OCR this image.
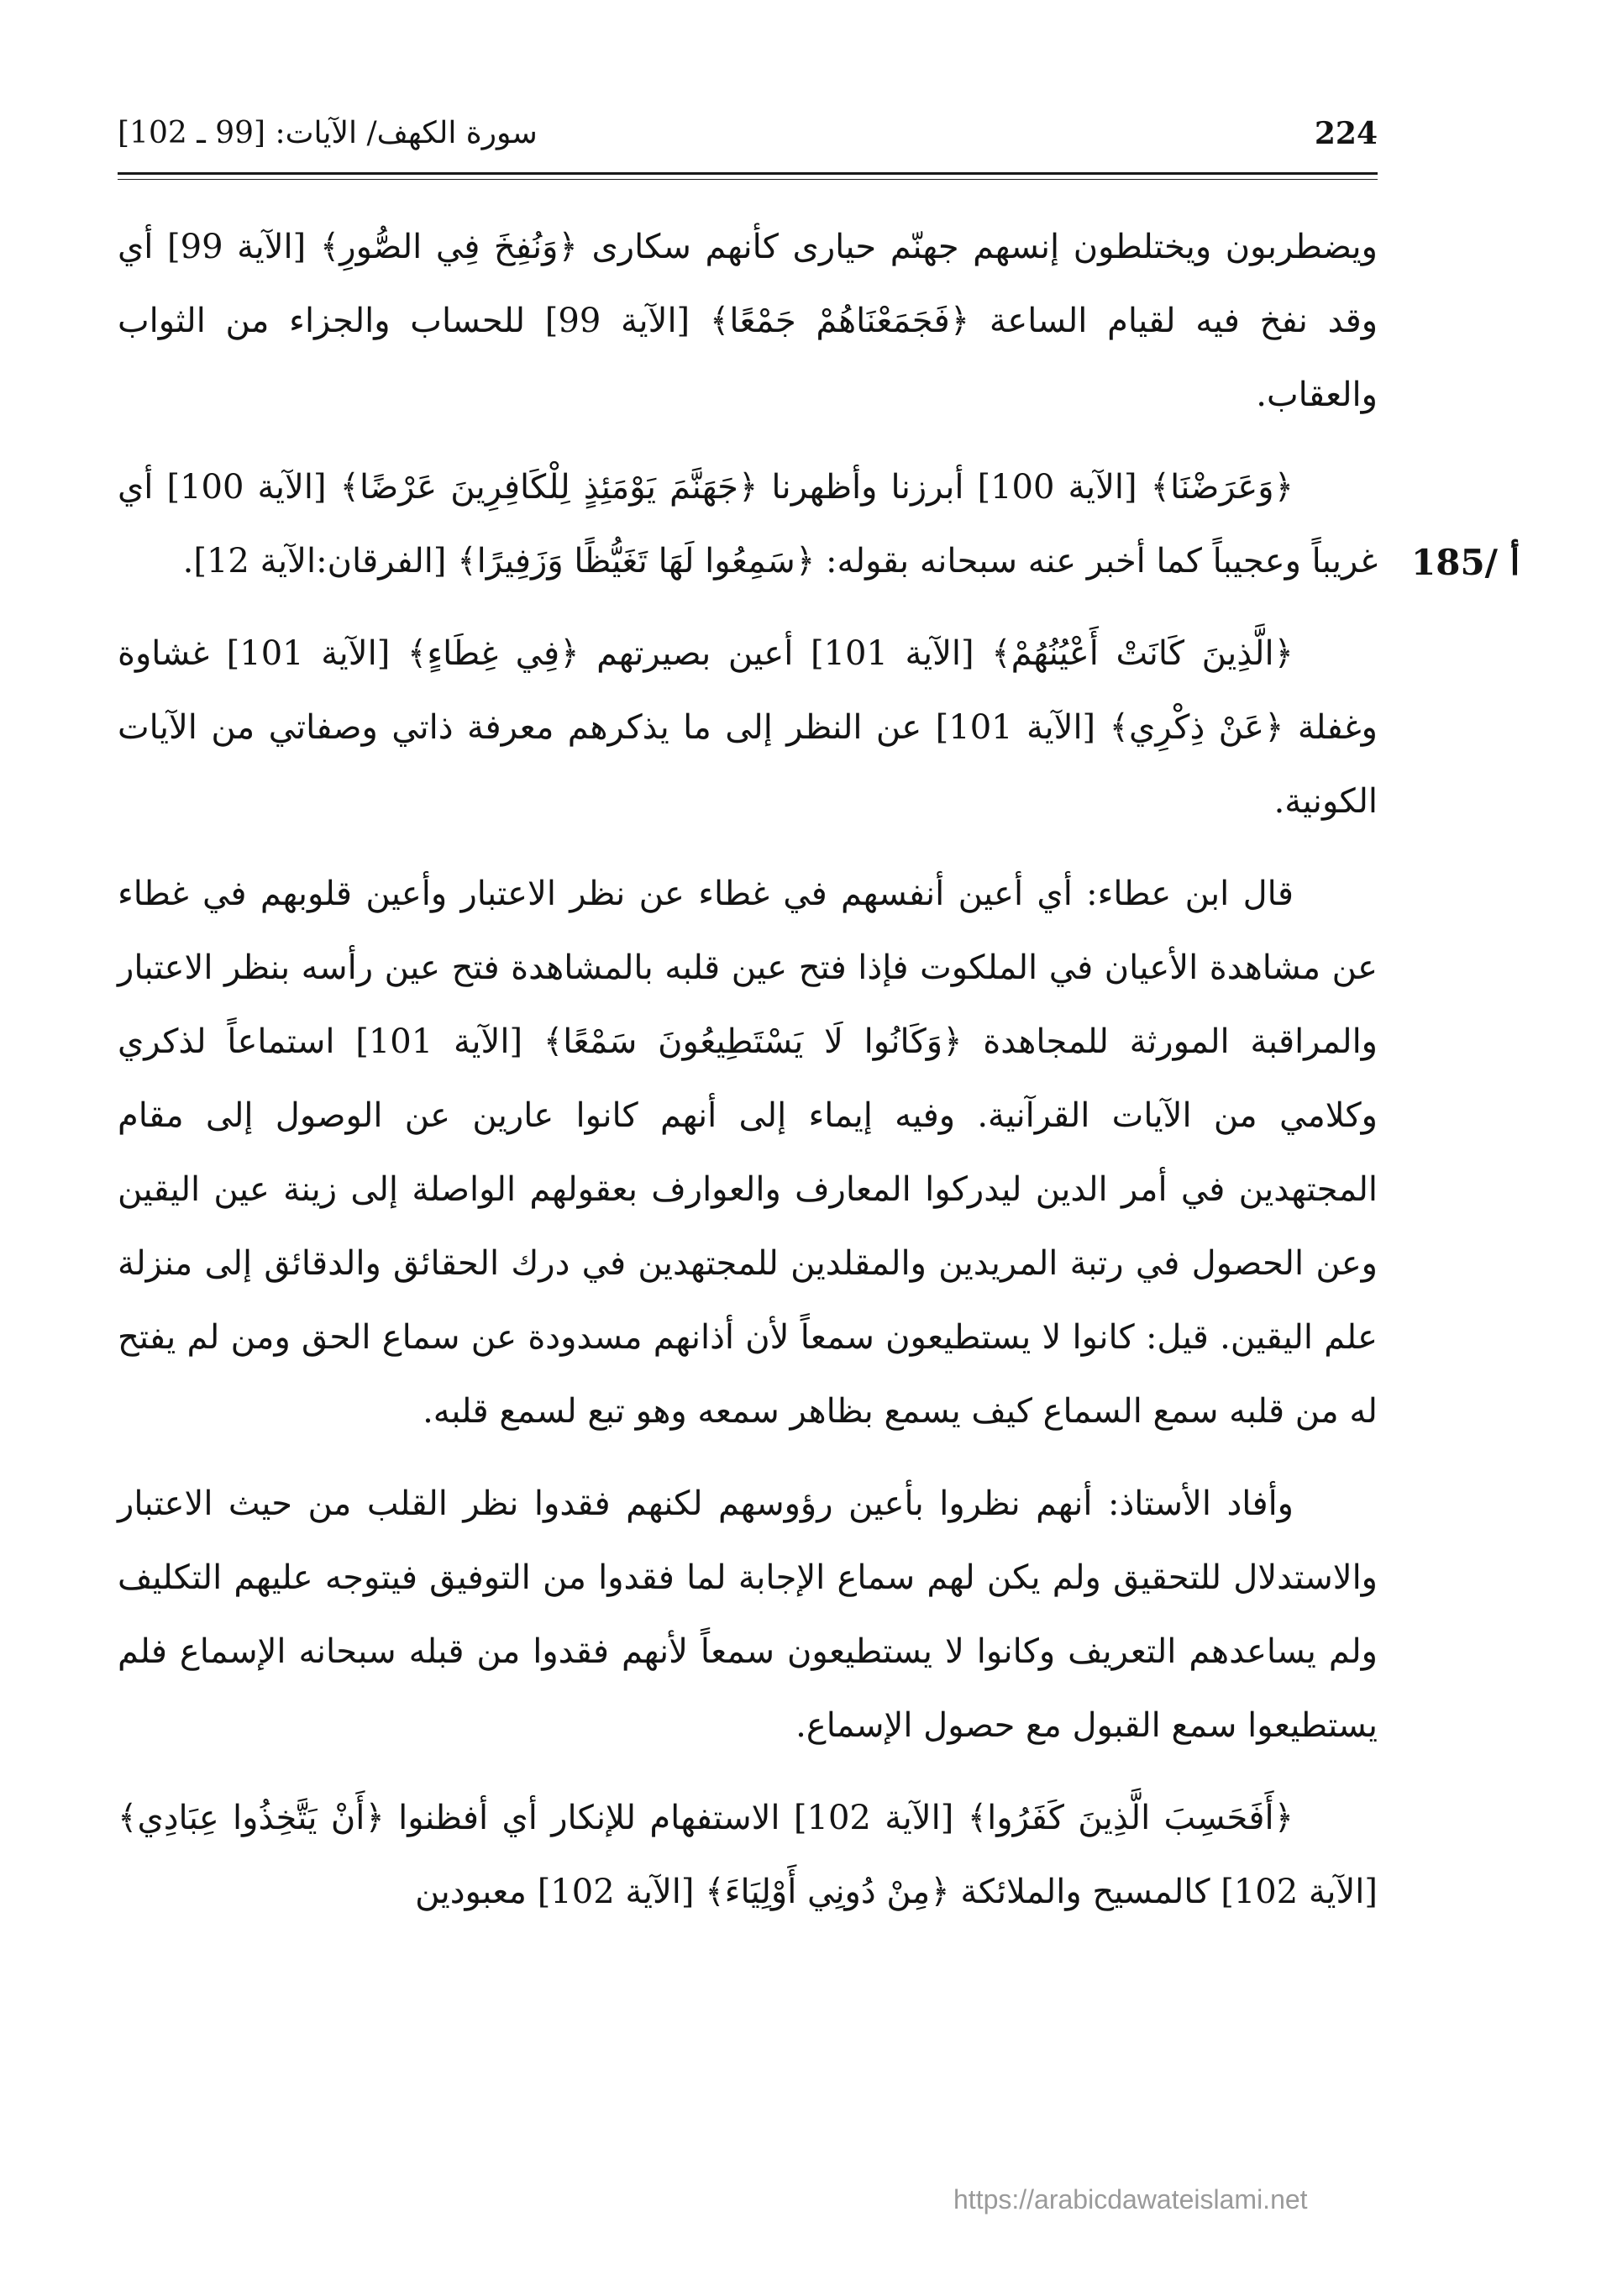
224
سورة الكهف/ الآيات: [99 ـ 102]
185/ أ

ويضطربون ويختلطون إنسهم جهنّم حيارى كأنهم سكارى ﴿وَنُفِخَ فِي الصُّورِ﴾ [الآية 99] أي وقد نفخ فيه لقيام الساعة ﴿فَجَمَعْنَاهُمْ جَمْعًا﴾ [الآية 99] للحساب والجزاء من الثواب والعقاب.

﴿وَعَرَضْنَا﴾ [الآية 100] أبرزنا وأظهرنا ﴿جَهَنَّمَ يَوْمَئِذٍ لِلْكَافِرِينَ عَرْضًا﴾ [الآية 100] أي غريباً وعجيباً كما أخبر عنه سبحانه بقوله: ﴿سَمِعُوا لَهَا تَغَيُّظًا وَزَفِيرًا﴾ [الفرقان:الآية 12].

﴿الَّذِينَ كَانَتْ أَعْيُنُهُمْ﴾ [الآية 101] أعين بصيرتهم ﴿فِي غِطَاءٍ﴾ [الآية 101] غشاوة وغفلة ﴿عَنْ ذِكْرِي﴾ [الآية 101] عن النظر إلى ما يذكرهم معرفة ذاتي وصفاتي من الآيات الكونية.

قال ابن عطاء: أي أعين أنفسهم في غطاء عن نظر الاعتبار وأعين قلوبهم في غطاء عن مشاهدة الأعيان في الملكوت فإذا فتح عين قلبه بالمشاهدة فتح عين رأسه بنظر الاعتبار والمراقبة المورثة للمجاهدة ﴿وَكَانُوا لَا يَسْتَطِيعُونَ سَمْعًا﴾ [الآية 101] استماعاً لذكري وكلامي من الآيات القرآنية. وفيه إيماء إلى أنهم كانوا عارين عن الوصول إلى مقام المجتهدين في أمر الدين ليدركوا المعارف والعوارف بعقولهم الواصلة إلى زينة عين اليقين وعن الحصول في رتبة المريدين والمقلدين للمجتهدين في درك الحقائق والدقائق إلى منزلة علم اليقين. قيل: كانوا لا يستطيعون سمعاً لأن أذانهم مسدودة عن سماع الحق ومن لم يفتح له من قلبه سمع السماع كيف يسمع بظاهر سمعه وهو تبع لسمع قلبه.

وأفاد الأستاذ: أنهم نظروا بأعين رؤوسهم لكنهم فقدوا نظر القلب من حيث الاعتبار والاستدلال للتحقيق ولم يكن لهم سماع الإجابة لما فقدوا من التوفيق فيتوجه عليهم التكليف ولم يساعدهم التعريف وكانوا لا يستطيعون سمعاً لأنهم فقدوا من قبله سبحانه الإسماع فلم يستطيعوا سمع القبول مع حصول الإسماع.

﴿أَفَحَسِبَ الَّذِينَ كَفَرُوا﴾ [الآية 102] الاستفهام للإنكار أي أفظنوا ﴿أَنْ يَتَّخِذُوا عِبَادِي﴾ [الآية 102] كالمسيح والملائكة ﴿مِنْ دُونِي أَوْلِيَاءَ﴾ [الآية 102] معبودين

https://arabicdawateislami.net
